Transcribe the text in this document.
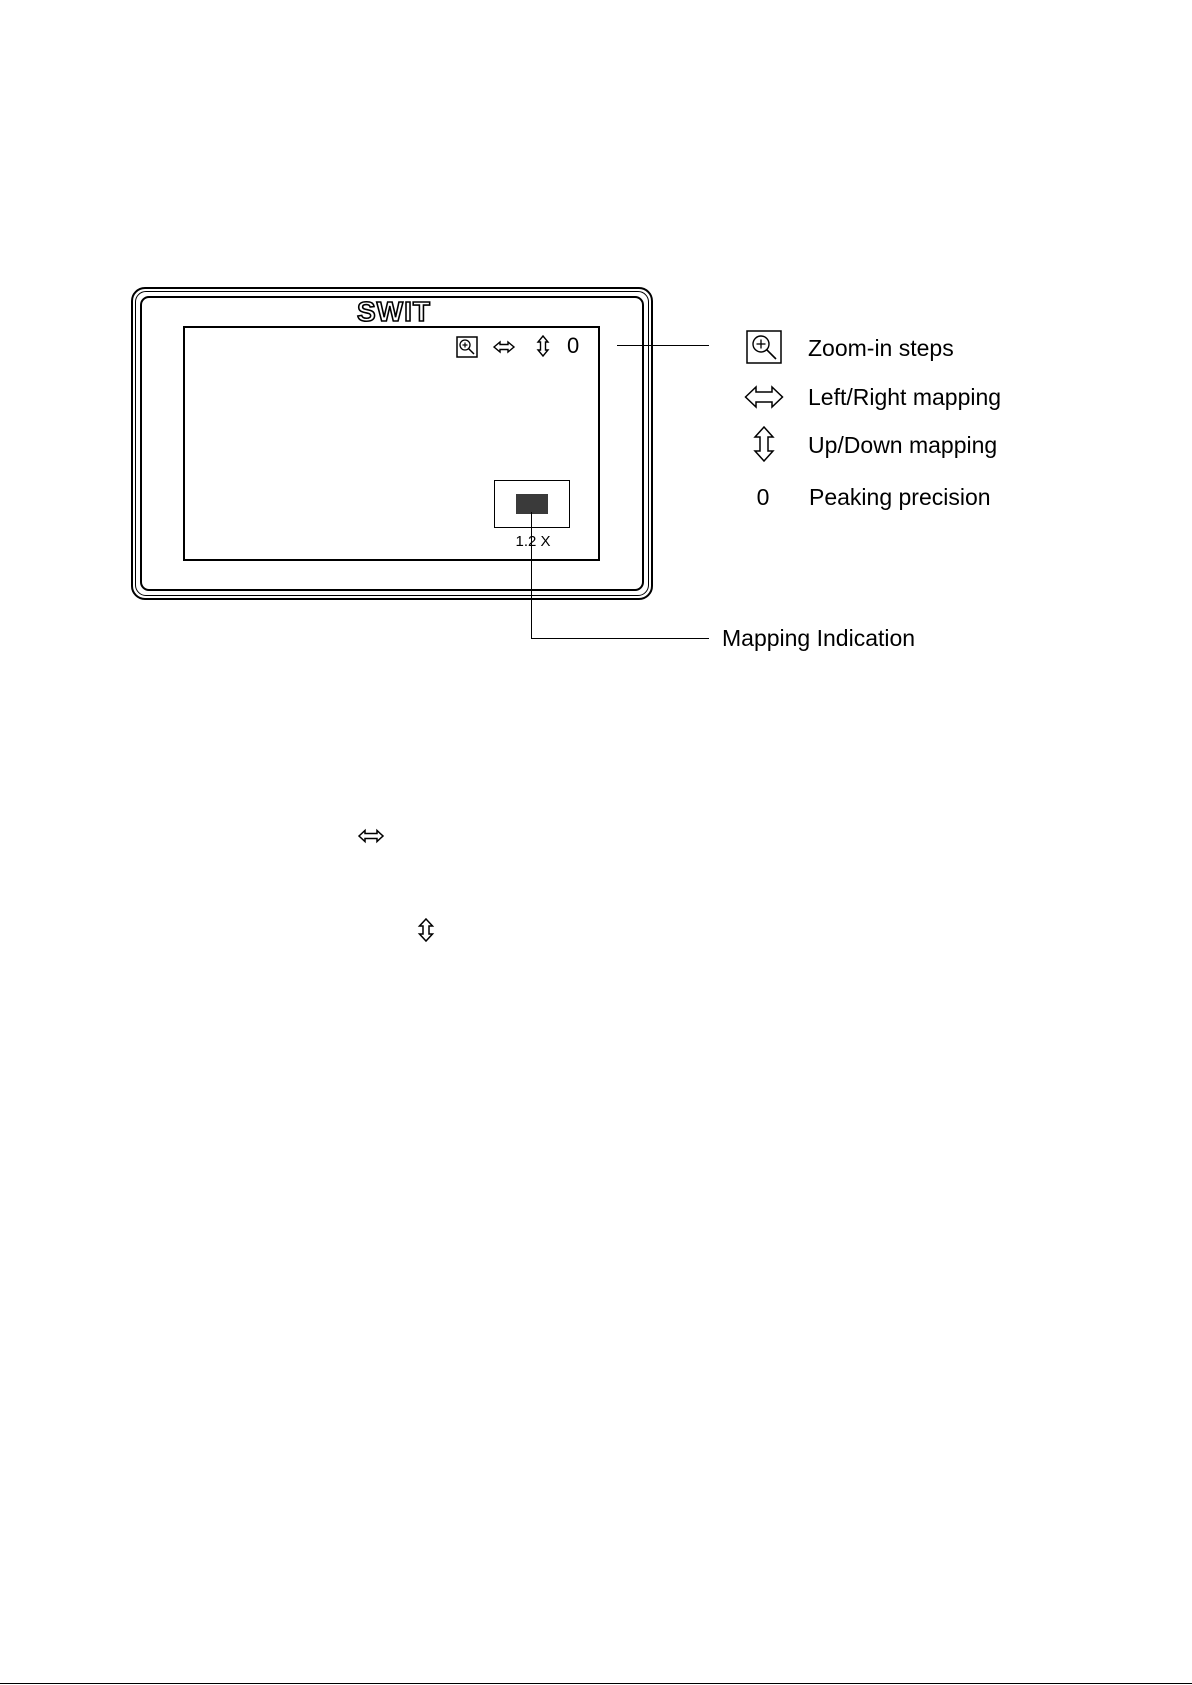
SWIT
0
1.2 X
Zoom-in steps
Left/Right mapping
Up/Down mapping
0	Peaking precision
Mapping Indication
